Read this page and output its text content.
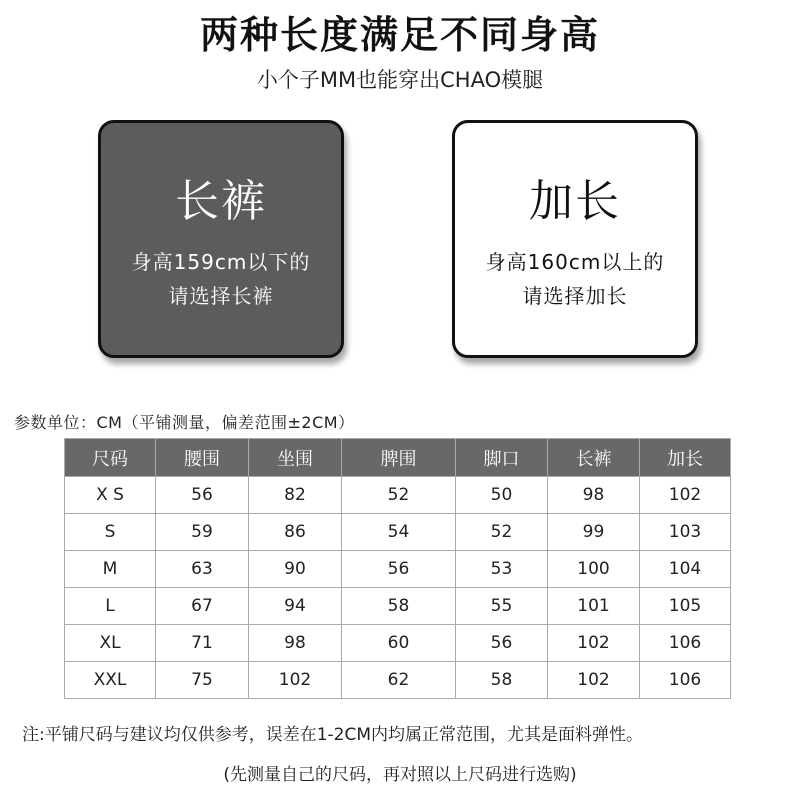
两种长度满足不同身高
小个子MM也能穿出CHAO模腿
长裤
身高159cm以下的
请选择长裤
加长
身高160cm以上的
请选择加长
参数单位：CM（平铺测量，偏差范围±2CM）
尺码	腰围	坐围	脾围	脚口	长裤	加长
X S	56	82	52	50	98	102
S	59	86	54	52	99	103
M	63	90	56	53	100	104
L	67	94	58	55	101	105
XL	71	98	60	56	102	106
XXL	75	102	62	58	102	106
注:平铺尺码与建议均仅供参考，误差在1-2CM内均属正常范围，尤其是面料弹性。
(先测量自己的尺码，再对照以上尺码进行选购)
